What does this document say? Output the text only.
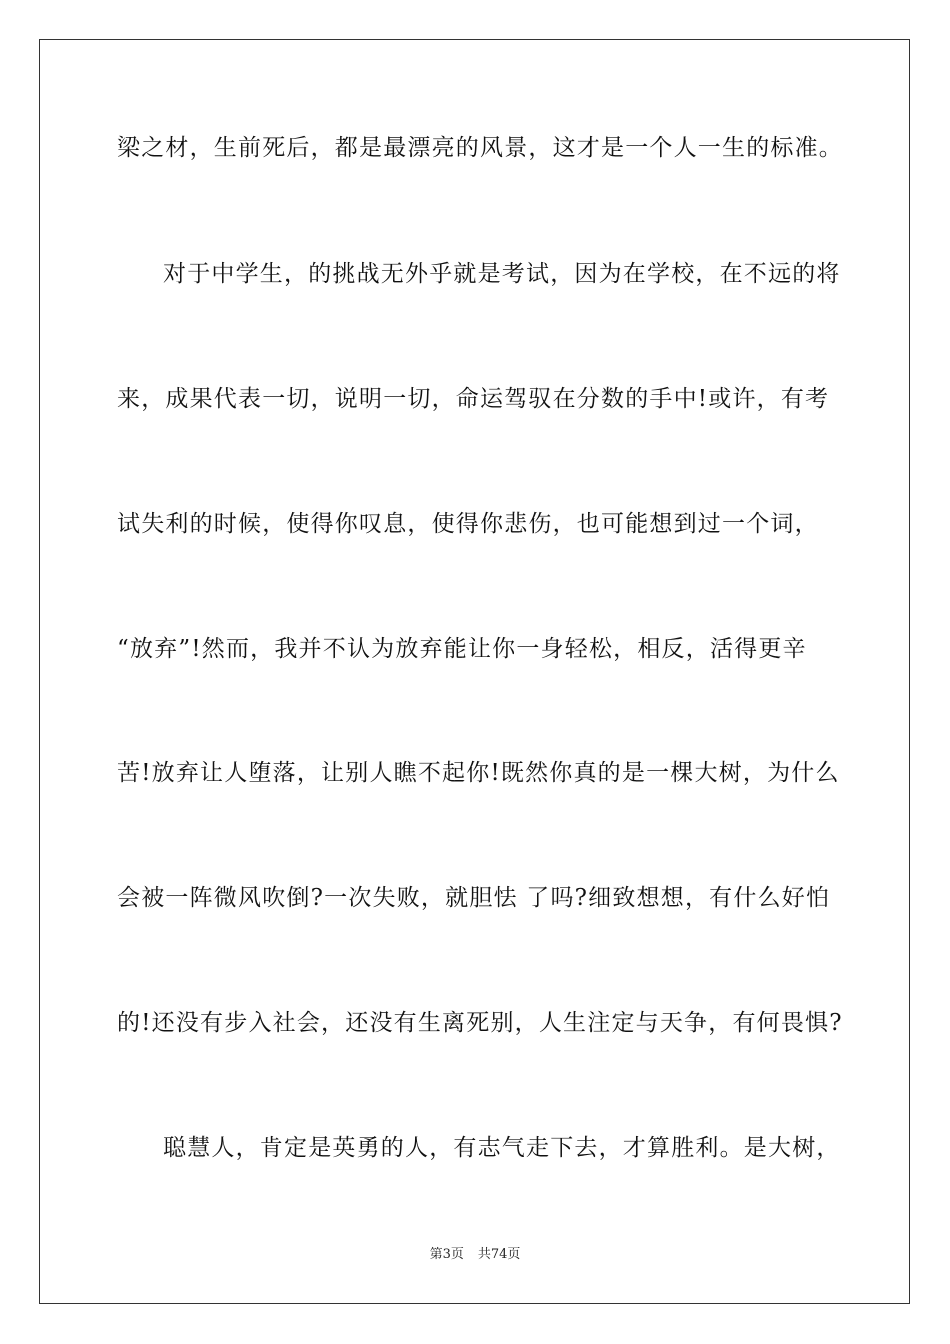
梁之材，生前死后，都是最漂亮的风景，这才是一个人一生的标准。
对于中学生，的挑战无外乎就是考试，因为在学校，在不远的将
来，成果代表一切，说明一切，命运驾驭在分数的手中!或许，有考
试失利的时候，使得你叹息，使得你悲伤，也可能想到过一个词，
“放弃”!然而，我并不认为放弃能让你一身轻松，相反，活得更辛
苦!放弃让人堕落，让别人瞧不起你!既然你真的是一棵大树，为什么
会被一阵微风吹倒?一次失败，就胆怯 了吗?细致想想，有什么好怕
的!还没有步入社会，还没有生离死别，人生注定与天争，有何畏惧?
聪慧人，肯定是英勇的人，有志气走下去，才算胜利。是大树，
第3页 共74页
